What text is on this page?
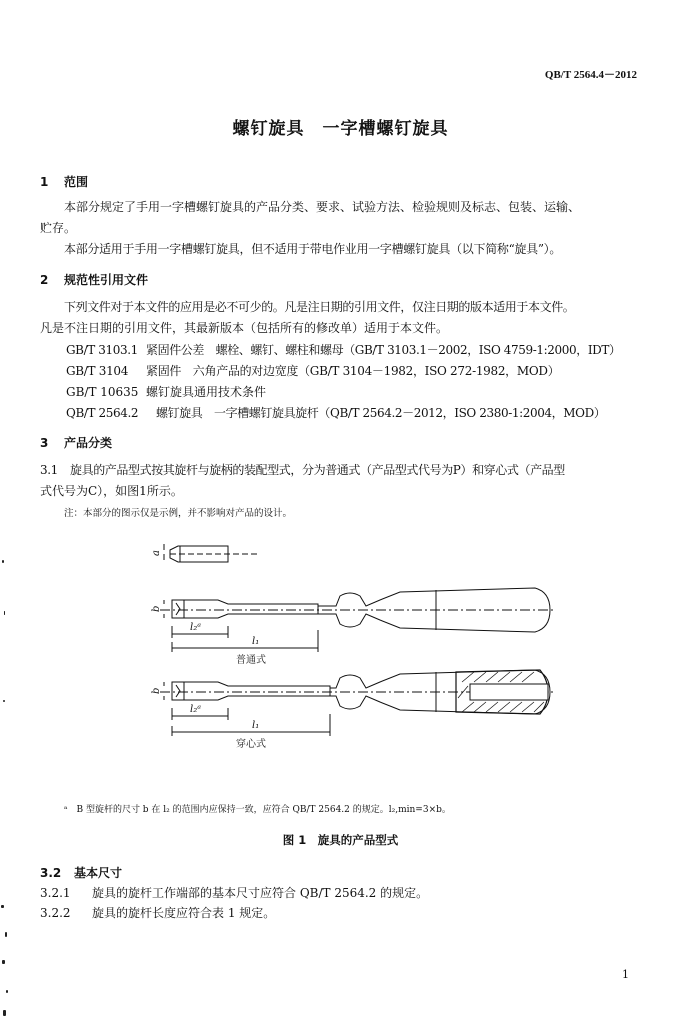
QB/T 2564.4－2012
螺钉旋具　一字槽螺钉旋具
1 范围
本部分规定了手用一字槽螺钉旋具的产品分类、要求、试验方法、检验规则及标志、包装、运输、
贮存。
本部分适用于手用一字槽螺钉旋具，但不适用于带电作业用一字槽螺钉旋具（以下简称“旋具”）。
2 规范性引用文件
下列文件对于本文件的应用是必不可少的。凡是注日期的引用文件，仅注日期的版本适用于本文件。
凡是不注日期的引用文件，其最新版本（包括所有的修改单）适用于本文件。
GB/T 3103.1 紧固件公差　螺栓、螺钉、螺柱和螺母（GB/T 3103.1－2002，ISO 4759-1:2000，IDT）
GB/T 3104 紧固件　六角产品的对边宽度（GB/T 3104－1982，ISO 272-1982，MOD）
GB/T 10635 螺钉旋具通用技术条件
QB/T 2564.2 螺钉旋具　一字槽螺钉旋具旋杆（QB/T 2564.2－2012，ISO 2380-1:2004，MOD）
3 产品分类
3.1 旋具的产品型式按其旋杆与旋柄的装配型式，分为普通式（产品型式代号为P）和穿心式（产品型
式代号为C），如图1所示。
注：本部分的图示仅是示例，并不影响对产品的设计。
a
b
l₂ᵃ
l₁
b
l₂ᵃ
l₁
普通式
穿心式
ᵃ　B 型旋杆的尺寸 b 在 l₂ 的范围内应保持一致，应符合 QB/T 2564.2 的规定。l₂,min=3×b。
图 1　旋具的产品型式
3.2 基本尺寸
3.2.1 旋具的旋杆工作端部的基本尺寸应符合 QB/T 2564.2 的规定。
3.2.2 旋具的旋杆长度应符合表 1 规定。
1
